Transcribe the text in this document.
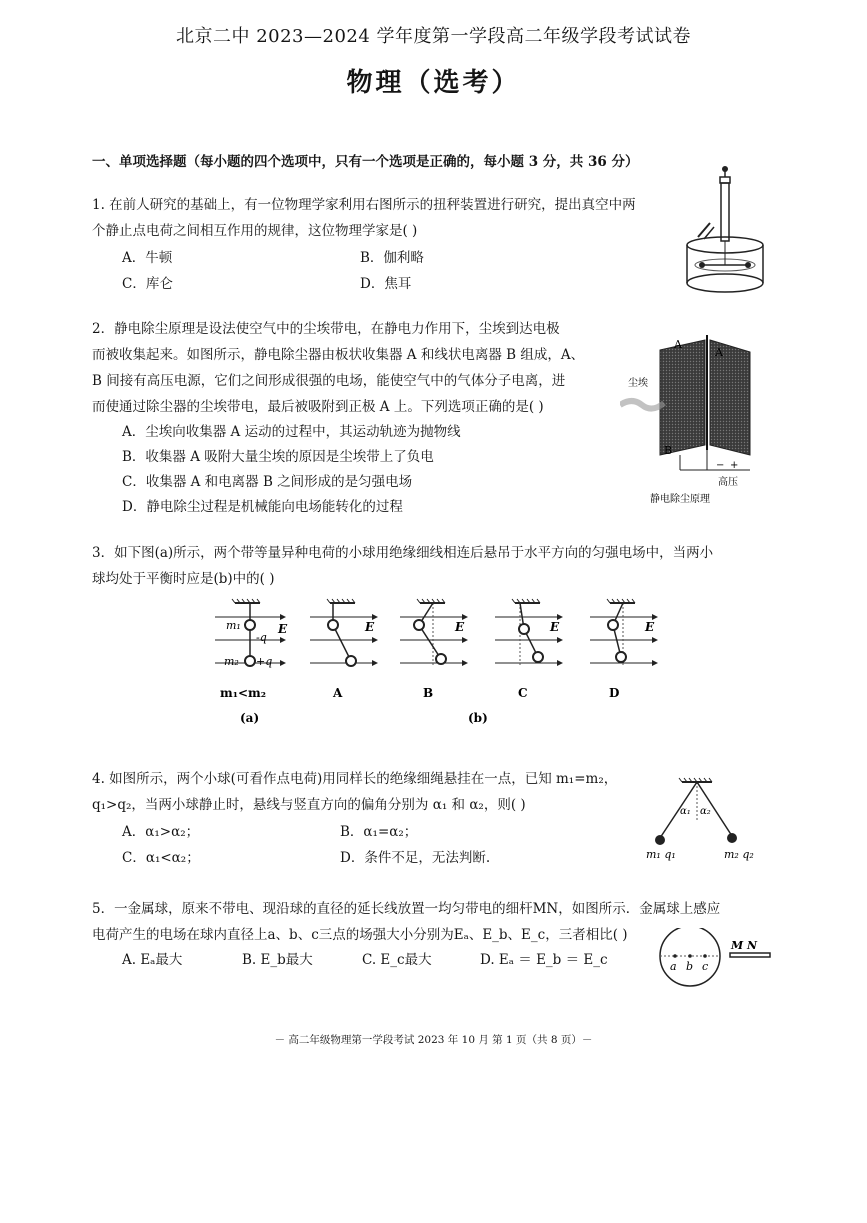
北京二中 2023—2024 学年度第一学段高二年级学段考试试卷
物理（选考）
一、单项选择题（每小题的四个选项中，只有一个选项是正确的，每小题 3 分，共 36 分）
1. 在前人研究的基础上，有一位物理学家利用右图所示的扭秤装置进行研究，提出真空中两
个静止点电荷之间相互作用的规律，这位物理学家是( )
A．牛顿	B．伽利略
C．库仑	D．焦耳
2．静电除尘原理是设法使空气中的尘埃带电，在静电力作用下，尘埃到达电极
而被收集起来。如图所示，静电除尘器由板状收集器 A 和线状电离器 B 组成，A、
B 间接有高压电源，它们之间形成很强的电场，能使空气中的气体分子电离，进
而使通过除尘器的尘埃带电，最后被吸附到正极 A 上。下列选项正确的是( )
A．尘埃向收集器 A 运动的过程中，其运动轨迹为抛物线
B．收集器 A 吸附大量尘埃的原因是尘埃带上了负电
C．收集器 A 和电离器 B 之间形成的是匀强电场
D．静电除尘过程是机械能向电场能转化的过程
A
A
B
尘埃
− +
高压
静电除尘原理
3．如下图(a)所示，两个带等量异种电荷的小球用绝缘细线相连后悬吊于水平方向的匀强电场中，当两小
球均处于平衡时应是(b)中的( )
m₁
-q
m₂ +q
E
m₁<m₂
(a)
E
A
E
B
E
C
E
D
(b)
4. 如图所示，两个小球(可看作点电荷)用同样长的绝缘细绳悬挂在一点，已知 m₁=m₂，
q₁>q₂，当两小球静止时，悬线与竖直方向的偏角分别为 α₁ 和 α₂，则( )
A．α₁>α₂；	B．α₁=α₂；
C．α₁<α₂；	D．条件不足，无法判断.
α₁ α₂
m₁ q₁	m₂ q₂
5．一金属球，原来不带电、现沿球的直径的延长线放置一均匀带电的细杆MN，如图所示．金属球上感应
电荷产生的电场在球内直径上a、b、c三点的场强大小分别为Eₐ、E_b、E_c，三者相比( )
A. Eₐ最大	B. E_b最大	C. E_c最大	D. Eₐ ＝ E_b ＝ E_c	a b c
M N
－ 高二年级物理第一学段考试 2023 年 10 月 第 1 页（共 8 页）－
